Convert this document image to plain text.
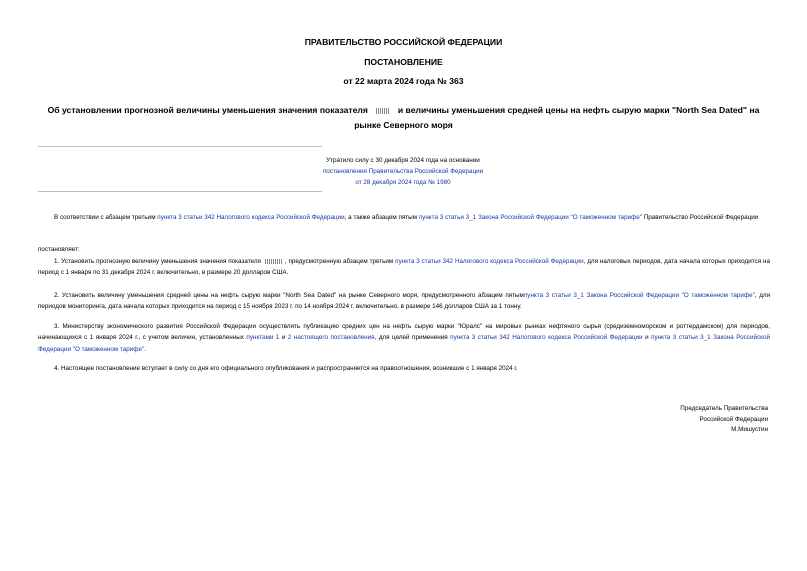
ПРАВИТЕЛЬСТВО РОССИЙСКОЙ ФЕДЕРАЦИИ
ПОСТАНОВЛЕНИЕ
от 22 марта 2024 года № 363
Об установлении прогнозной величины уменьшения значения показателя	и величины уменьшения средней цены на нефть сырую марки "North Sea Dated" на рынке Северного моря
Утратило силу с 30 декабря 2024 года на основании
постановления Правительства Российской Федерации
от 28 декабря 2024 года № 1980

В соответствии с абзацем третьим пункта 3 статьи 342 Налогового кодекса Российской Федерации, а также абзацем пятым пункта 3 статьи 3_1 Закона Российской Федерации "О таможенном тарифе" Правительство Российской Федерации

постановляет:

1. Установить прогнозную величину уменьшения значения показателя	, предусмотренную абзацем третьим пункта 3 статьи 342 Налогового кодекса Российской Федерации, для налоговых периодов, дата начала которых приходится на период с 1 января по 31 декабря 2024 г. включительно, в размере 20 долларов США.

2. Установить величину уменьшения средней цены на нефть сырую марки "North Sea Dated" на рынке Северного моря, предусмотренного абзацем пятымпункта 3 статьи 3_1 Закона Российской Федерации "О таможенном тарифе", для периодов мониторинга, дата начала которых приходится на период с 15 ноября 2023 г. по 14 ноября 2024 г. включительно, в размере 146 долларов США за 1 тонну.

3. Министерству экономического развития Российской Федерации осуществлять публикацию средних цен на нефть сырую марки "Юралс" на мировых рынках нефтяного сырья (средиземноморском и роттердамском) для периодов, начинающихся с 1 января 2024 г., с учетом величин, установленных пунктами 1 и 2 настоящего постановления, для целей применения пункта 3 статьи 342 Налогового кодекса Российской Федерации и пункта 3 статьи 3_1 Закона Российской Федерации "О таможенном тарифе".

4. Настоящее постановление вступает в силу со дня его официального опубликования и распространяется на правоотношения, возникшие с 1 января 2024 г.

Председатель Правительства
Российской Федерации
М.Мишустин
